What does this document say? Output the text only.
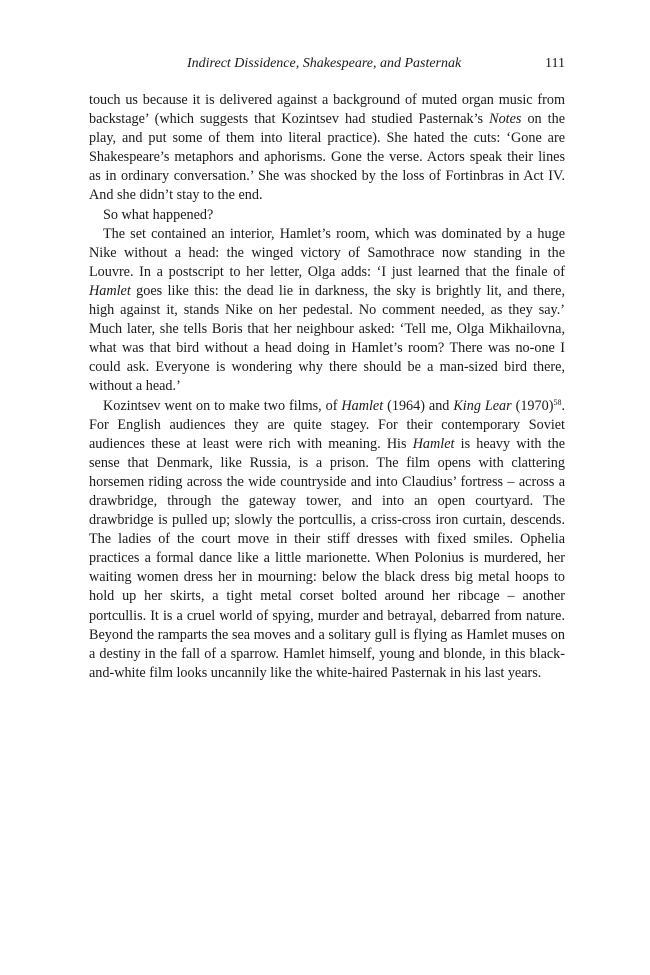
Indirect Dissidence, Shakespeare, and Pasternak	111

touch us because it is delivered against a background of muted organ music from backstage’ (which suggests that Kozintsev had studied Pasternak’s Notes on the play, and put some of them into literal practice). She hated the cuts: ‘Gone are Shakespeare’s metaphors and aphorisms. Gone the verse. Actors speak their lines as in ordinary conversation.’ She was shocked by the loss of Fortinbras in Act IV. And she didn’t stay to the end.

So what happened?

The set contained an interior, Hamlet’s room, which was dominated by a huge Nike without a head: the winged victory of Samothrace now standing in the Louvre. In a postscript to her letter, Olga adds: ‘I just learned that the finale of Hamlet goes like this: the dead lie in darkness, the sky is brightly lit, and there, high against it, stands Nike on her pedestal. No comment needed, as they say.’ Much later, she tells Boris that her neighbour asked: ‘Tell me, Olga Mikhailovna, what was that bird without a head doing in Hamlet’s room? There was no-one I could ask. Everyone is wondering why there should be a man-sized bird there, without a head.’

Kozintsev went on to make two films, of Hamlet (1964) and King Lear $(1970)^{58}$. For English audiences they are quite stagey. For their contemporary Soviet audiences these at least were rich with meaning. His Hamlet is heavy with the sense that Denmark, like Russia, is a prison. The film opens with clattering horsemen riding across the wide countryside and into Claudius’ fortress – across a drawbridge, through the gateway tower, and into an open courtyard. The drawbridge is pulled up; slowly the portcullis, a criss-cross iron curtain, descends. The ladies of the court move in their stiff dresses with fixed smiles. Ophelia practices a formal dance like a little marionette. When Polonius is murdered, her waiting women dress her in mourning: below the black dress big metal hoops to hold up her skirts, a tight metal corset bolted around her ribcage – another portcullis. It is a cruel world of spying, murder and betrayal, debarred from nature. Beyond the ramparts the sea moves and a solitary gull is flying as Hamlet muses on a destiny in the fall of a sparrow. Hamlet himself, young and blonde, in this black-and-white film looks uncannily like the white-haired Pasternak in his last years.
